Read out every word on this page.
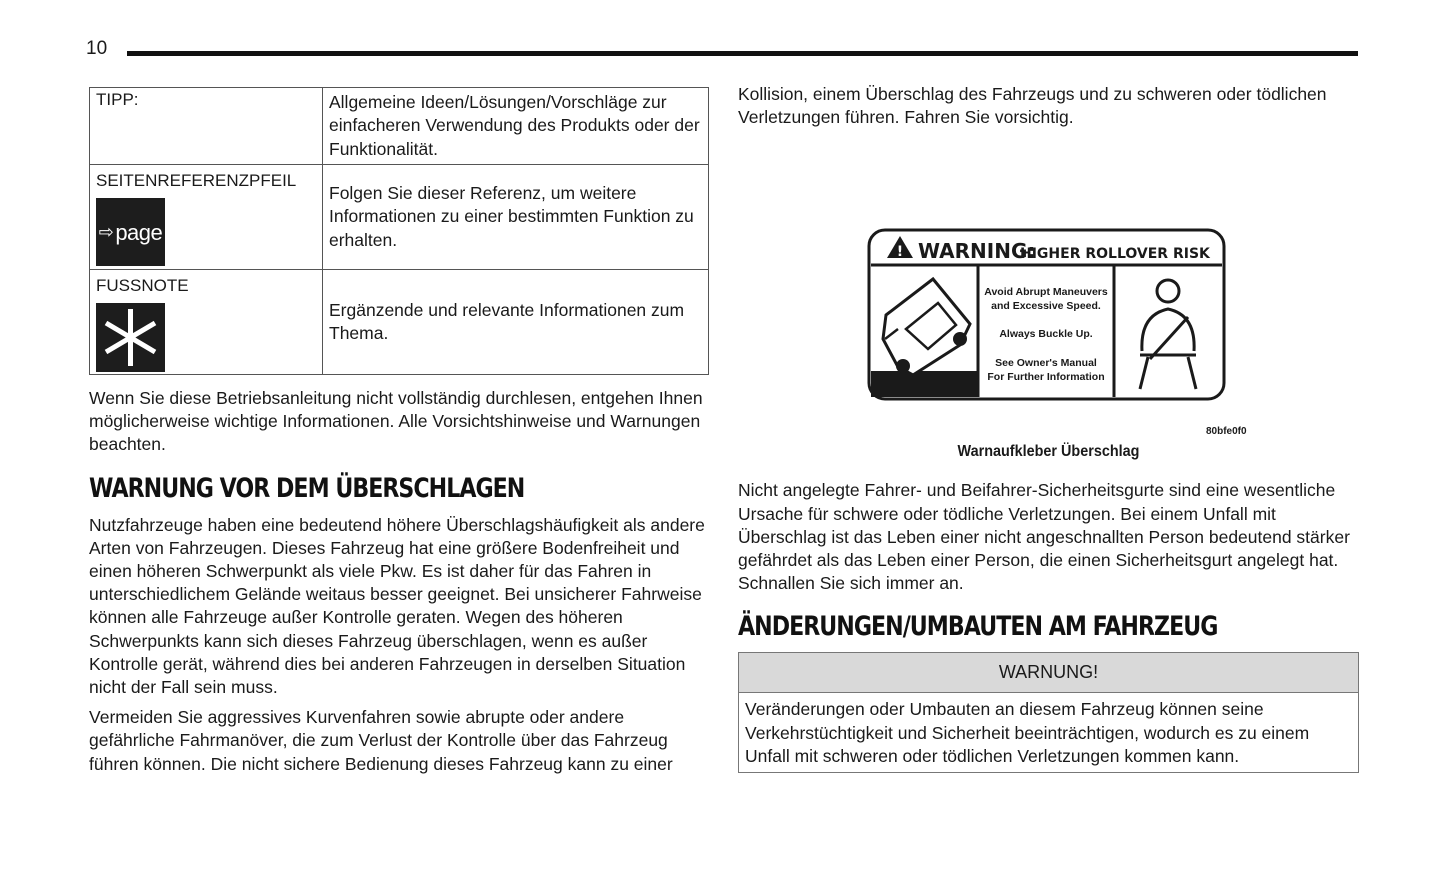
10
TIPP:	Allgemeine Ideen/Lösungen/Vorschläge zur einfacheren Verwendung des Produkts oder der Funktionalität.

SEITENREFERENZPFEIL
⇨ page	Folgen Sie dieser Referenz, um weitere Informationen zu einer bestimmten Funktion zu erhalten.

FUSSNOTE	Ergänzende und relevante Informationen zum Thema.

Wenn Sie diese Betriebsanleitung nicht vollständig durchlesen, entgehen Ihnen möglicherweise wichtige Informationen. Alle Vorsichtshinweise und Warnungen beachten.

WARNUNG VOR DEM ÜBERSCHLAGEN

Nutzfahrzeuge haben eine bedeutend höhere Überschlagshäufigkeit als andere Arten von Fahrzeugen. Dieses Fahrzeug hat eine größere Bodenfreiheit und einen höheren Schwerpunkt als viele Pkw. Es ist daher für das Fahren in unterschiedlichem Gelände weitaus besser geeignet. Bei unsicherer Fahrweise können alle Fahrzeuge außer Kontrolle geraten. Wegen des höheren Schwerpunkts kann sich dieses Fahrzeug überschlagen, wenn es außer Kontrolle gerät, während dies bei anderen Fahrzeugen in derselben Situation nicht der Fall sein muss.

Vermeiden Sie aggressives Kurvenfahren sowie abrupte oder andere gefährliche Fahrmanöver, die zum Verlust der Kontrolle über das Fahrzeug führen können. Die nicht sichere Bedienung dieses Fahrzeug kann zu einer

Kollision, einem Überschlag des Fahrzeugs und zu schweren oder tödlichen Verletzungen führen. Fahren Sie vorsichtig.

! WARNING:
HIGHER ROLLOVER RISK
Avoid Abrupt Maneuvers
and Excessive Speed.
Always Buckle Up.
See Owner's Manual
For Further Information
80bfe0f0
Warnaufkleber Überschlag

Nicht angelegte Fahrer- und Beifahrer-Sicherheitsgurte sind eine wesentliche Ursache für schwere oder tödliche Verletzungen. Bei einem Unfall mit Überschlag ist das Leben einer nicht angeschnallten Person bedeutend stärker gefährdet als das Leben einer Person, die einen Sicherheitsgurt angelegt hat. Schnallen Sie sich immer an.

ÄNDERUNGEN/UMBAUTEN AM FAHRZEUG
WARNUNG!
Veränderungen oder Umbauten an diesem Fahrzeug können seine Verkehrstüchtigkeit und Sicherheit beeinträchtigen, wodurch es zu einem Unfall mit schweren oder tödlichen Verletzungen kommen kann.
